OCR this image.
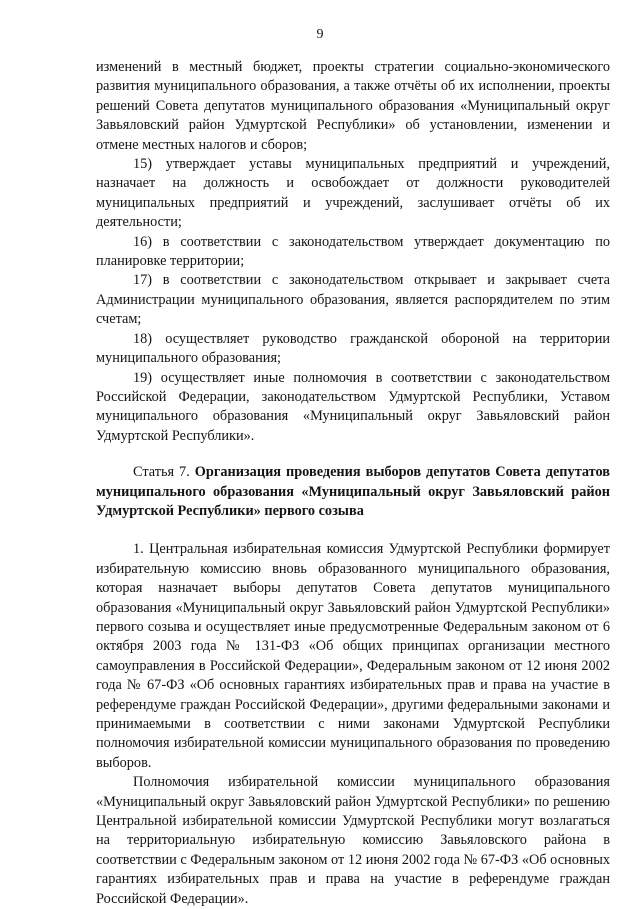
9

изменений в местный бюджет, проекты стратегии социально-экономического развития муниципального образования, а также отчёты об их исполнении, проекты решений Совета депутатов муниципального образования «Муниципальный округ Завьяловский район Удмуртской Республики» об установлении, изменении и отмене местных налогов и сборов;

15) утверждает уставы муниципальных предприятий и учреждений, назначает на должность и освобождает от должности руководителей муниципальных предприятий и учреждений, заслушивает отчёты об их деятельности;

16) в соответствии с законодательством утверждает документацию по планировке территории;

17) в соответствии с законодательством открывает и закрывает счета Администрации муниципального образования, является распорядителем по этим счетам;

18) осуществляет руководство гражданской обороной на территории муниципального образования;

19) осуществляет иные полномочия в соответствии с законодательством Российской Федерации, законодательством Удмуртской Республики, Уставом муниципального образования «Муниципальный округ Завьяловский район Удмуртской Республики».

Статья 7. Организация проведения выборов депутатов Совета депутатов муниципального образования «Муниципальный округ Завьяловский район Удмуртской Республики» первого созыва

1. Центральная избирательная комиссия Удмуртской Республики формирует избирательную комиссию вновь образованного муниципального образования, которая назначает выборы депутатов Совета депутатов муниципального образования «Муниципальный округ Завьяловский район Удмуртской Республики» первого созыва и осуществляет иные предусмотренные Федеральным законом от 6 октября 2003 года № 131-ФЗ «Об общих принципах организации местного самоуправления в Российской Федерации», Федеральным законом от 12 июня 2002 года № 67-ФЗ «Об основных гарантиях избирательных прав и права на участие в референдуме граждан Российской Федерации», другими федеральными законами и принимаемыми в соответствии с ними законами Удмуртской Республики полномочия избирательной комиссии муниципального образования по проведению выборов.

Полномочия избирательной комиссии муниципального образования «Муниципальный округ Завьяловский район Удмуртской Республики» по решению Центральной избирательной комиссии Удмуртской Республики могут возлагаться на территориальную избирательную комиссию Завьяловского района в соответствии с Федеральным законом от 12 июня 2002 года № 67-ФЗ «Об основных гарантиях избирательных прав и права на участие в референдуме граждан Российской Федерации».
